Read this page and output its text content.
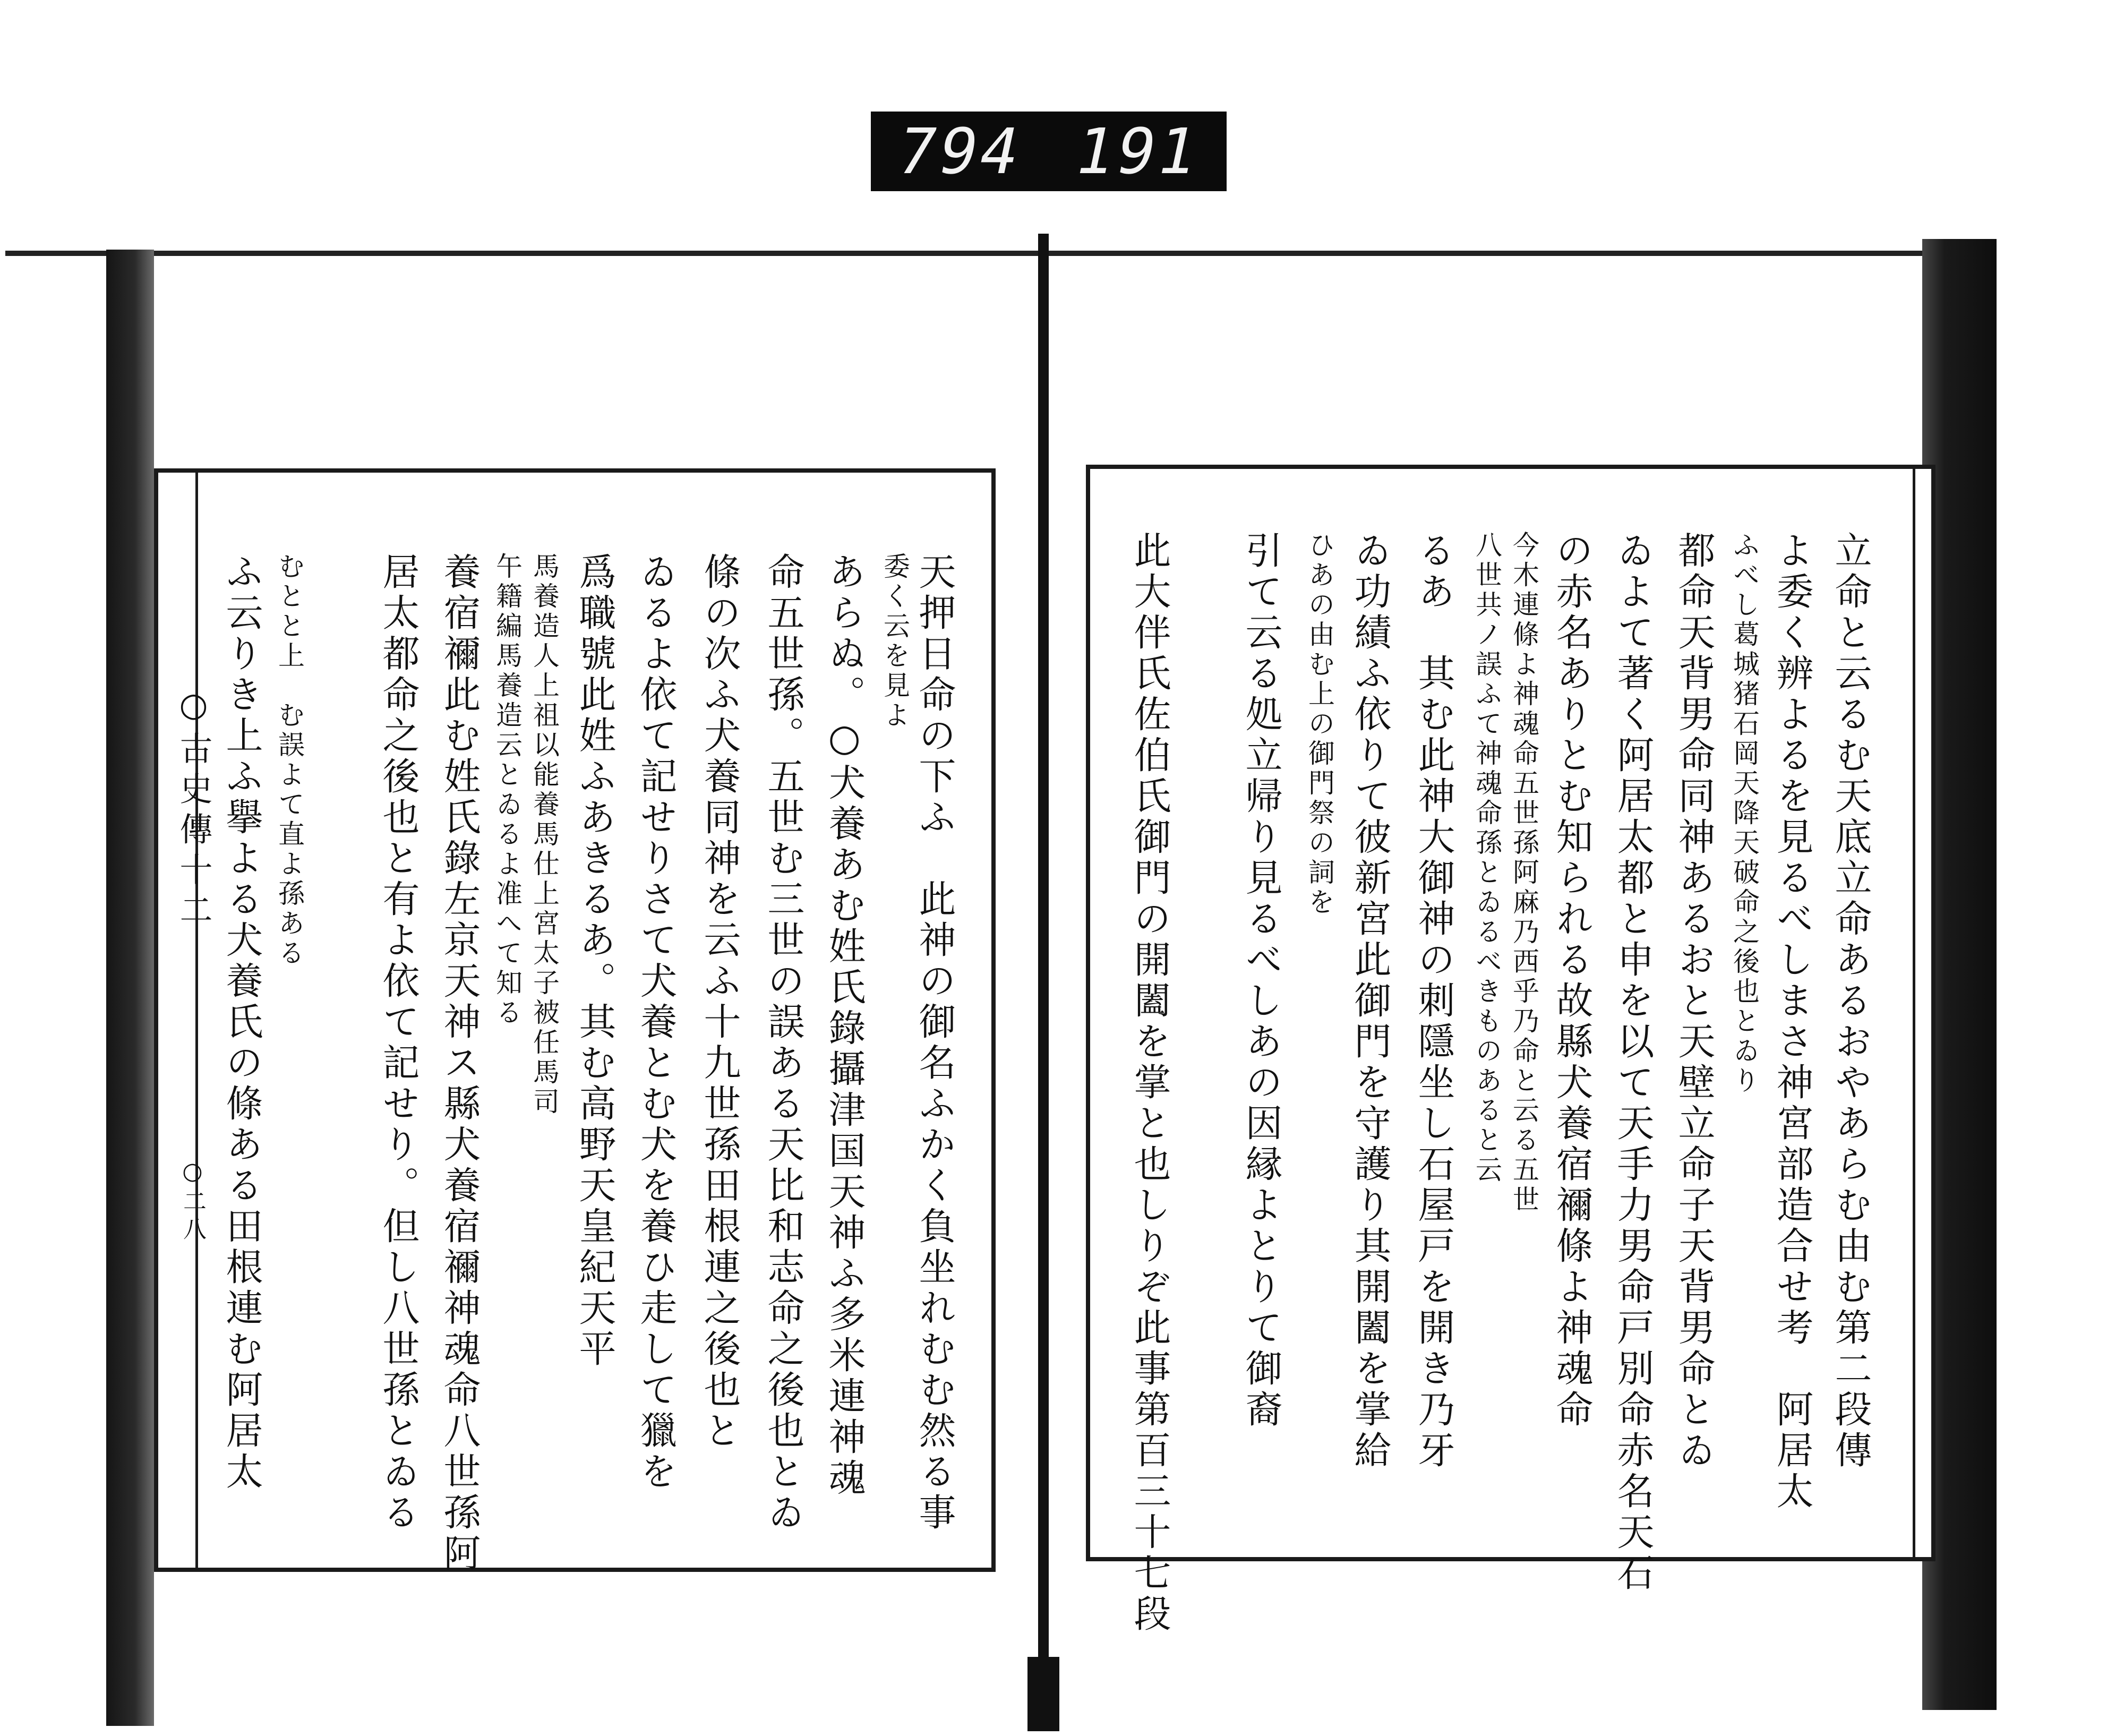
794 191
○古史傳十二
○二八	天押日命の下ふ　此神の御名ふかく負坐れむむ然る事
委く云を見よ
あらぬ。○犬養あむ姓氏錄攝津国天神ふ多米連神魂
命五世孫。五世む三世の誤ある天比和志命之後也とゐ
條の次ふ犬養同神を云ふ十九世孫田根連之後也と
ゐるよ依て記せりさて犬養とむ犬を養ひ走して獵を
爲職號此姓ふあきるあ。其む高野天皇紀天平
馬養造人上祖以能養馬仕上宮太子被任馬司
午籍編馬養造云とゐるよ准へて知る
養宿禰此む姓氏錄左京天神ス縣犬養宿禰神魂命八世孫阿
居太都命之後也と有よ依て記せり。但し八世孫とゐる
むとと上　む誤よて直よ孫ある
ふ云りき上ふ擧よる犬養氏の條ある田根連む阿居太	立命と云るむ天底立命あるおやあらむ由む第二段傳
よ委く辨よるを見るべしまさ神宮部造合せ考　阿居太
ふべし葛城猪石岡天降天破命之後也とゐり
都命天背男命同神あるおと天壁立命子天背男命とゐ
ゐよて著く阿居太都と申を以て天手力男命戸別命赤名天石
の赤名ありとむ知られる故縣犬養宿禰條よ神魂命
今木連條よ神魂命五世孫阿麻乃西乎乃命と云る五世
八世共ノ誤ふて神魂命孫とゐるべきものあると云
るあ　其む此神大御神の刺隱坐し石屋戸を開き乃牙
ゐ功績ふ依りて彼新宮此御門を守護り其開闔を掌給
ひあの由む上の御門祭の詞を
引て云る処立帰り見るべしあの因縁よとりて御裔
此大伴氏佐伯氏御門の開闔を掌と也しりぞ此事第百三十七段
